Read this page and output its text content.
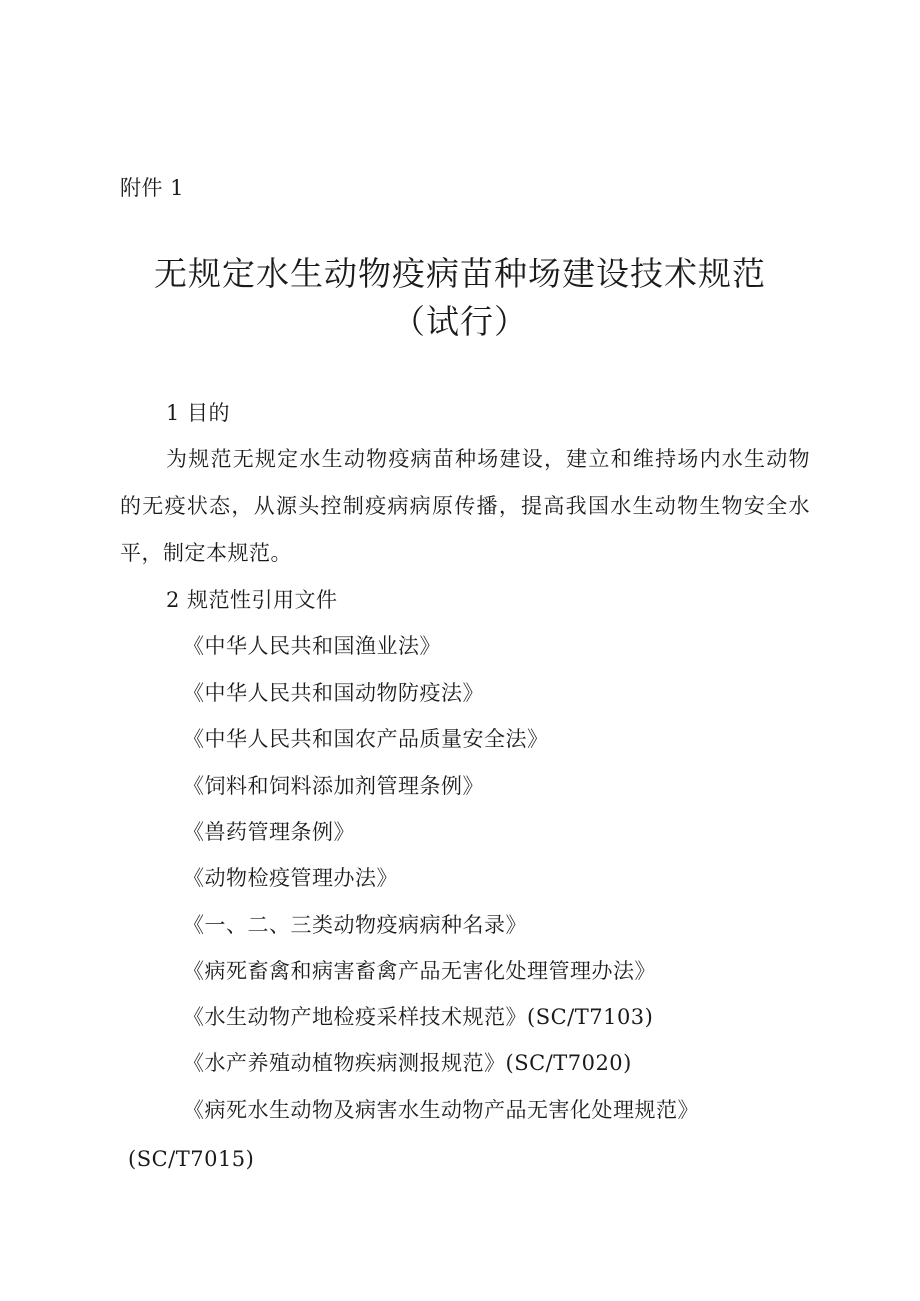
附件 1
无规定水生动物疫病苗种场建设技术规范
（试行）
1 目的
为规范无规定水生动物疫病苗种场建设，建立和维持场内水生动物的无疫状态，从源头控制疫病病原传播，提高我国水生动物生物安全水平，制定本规范。
2 规范性引用文件
《中华人民共和国渔业法》
《中华人民共和国动物防疫法》
《中华人民共和国农产品质量安全法》
《饲料和饲料添加剂管理条例》
《兽药管理条例》
《动物检疫管理办法》
《一、二、三类动物疫病病种名录》
《病死畜禽和病害畜禽产品无害化处理管理办法》
《水生动物产地检疫采样技术规范》(SC/T7103)
《水产养殖动植物疾病测报规范》(SC/T7020)
《病死水生动物及病害水生动物产品无害化处理规范》
(SC/T7015)
